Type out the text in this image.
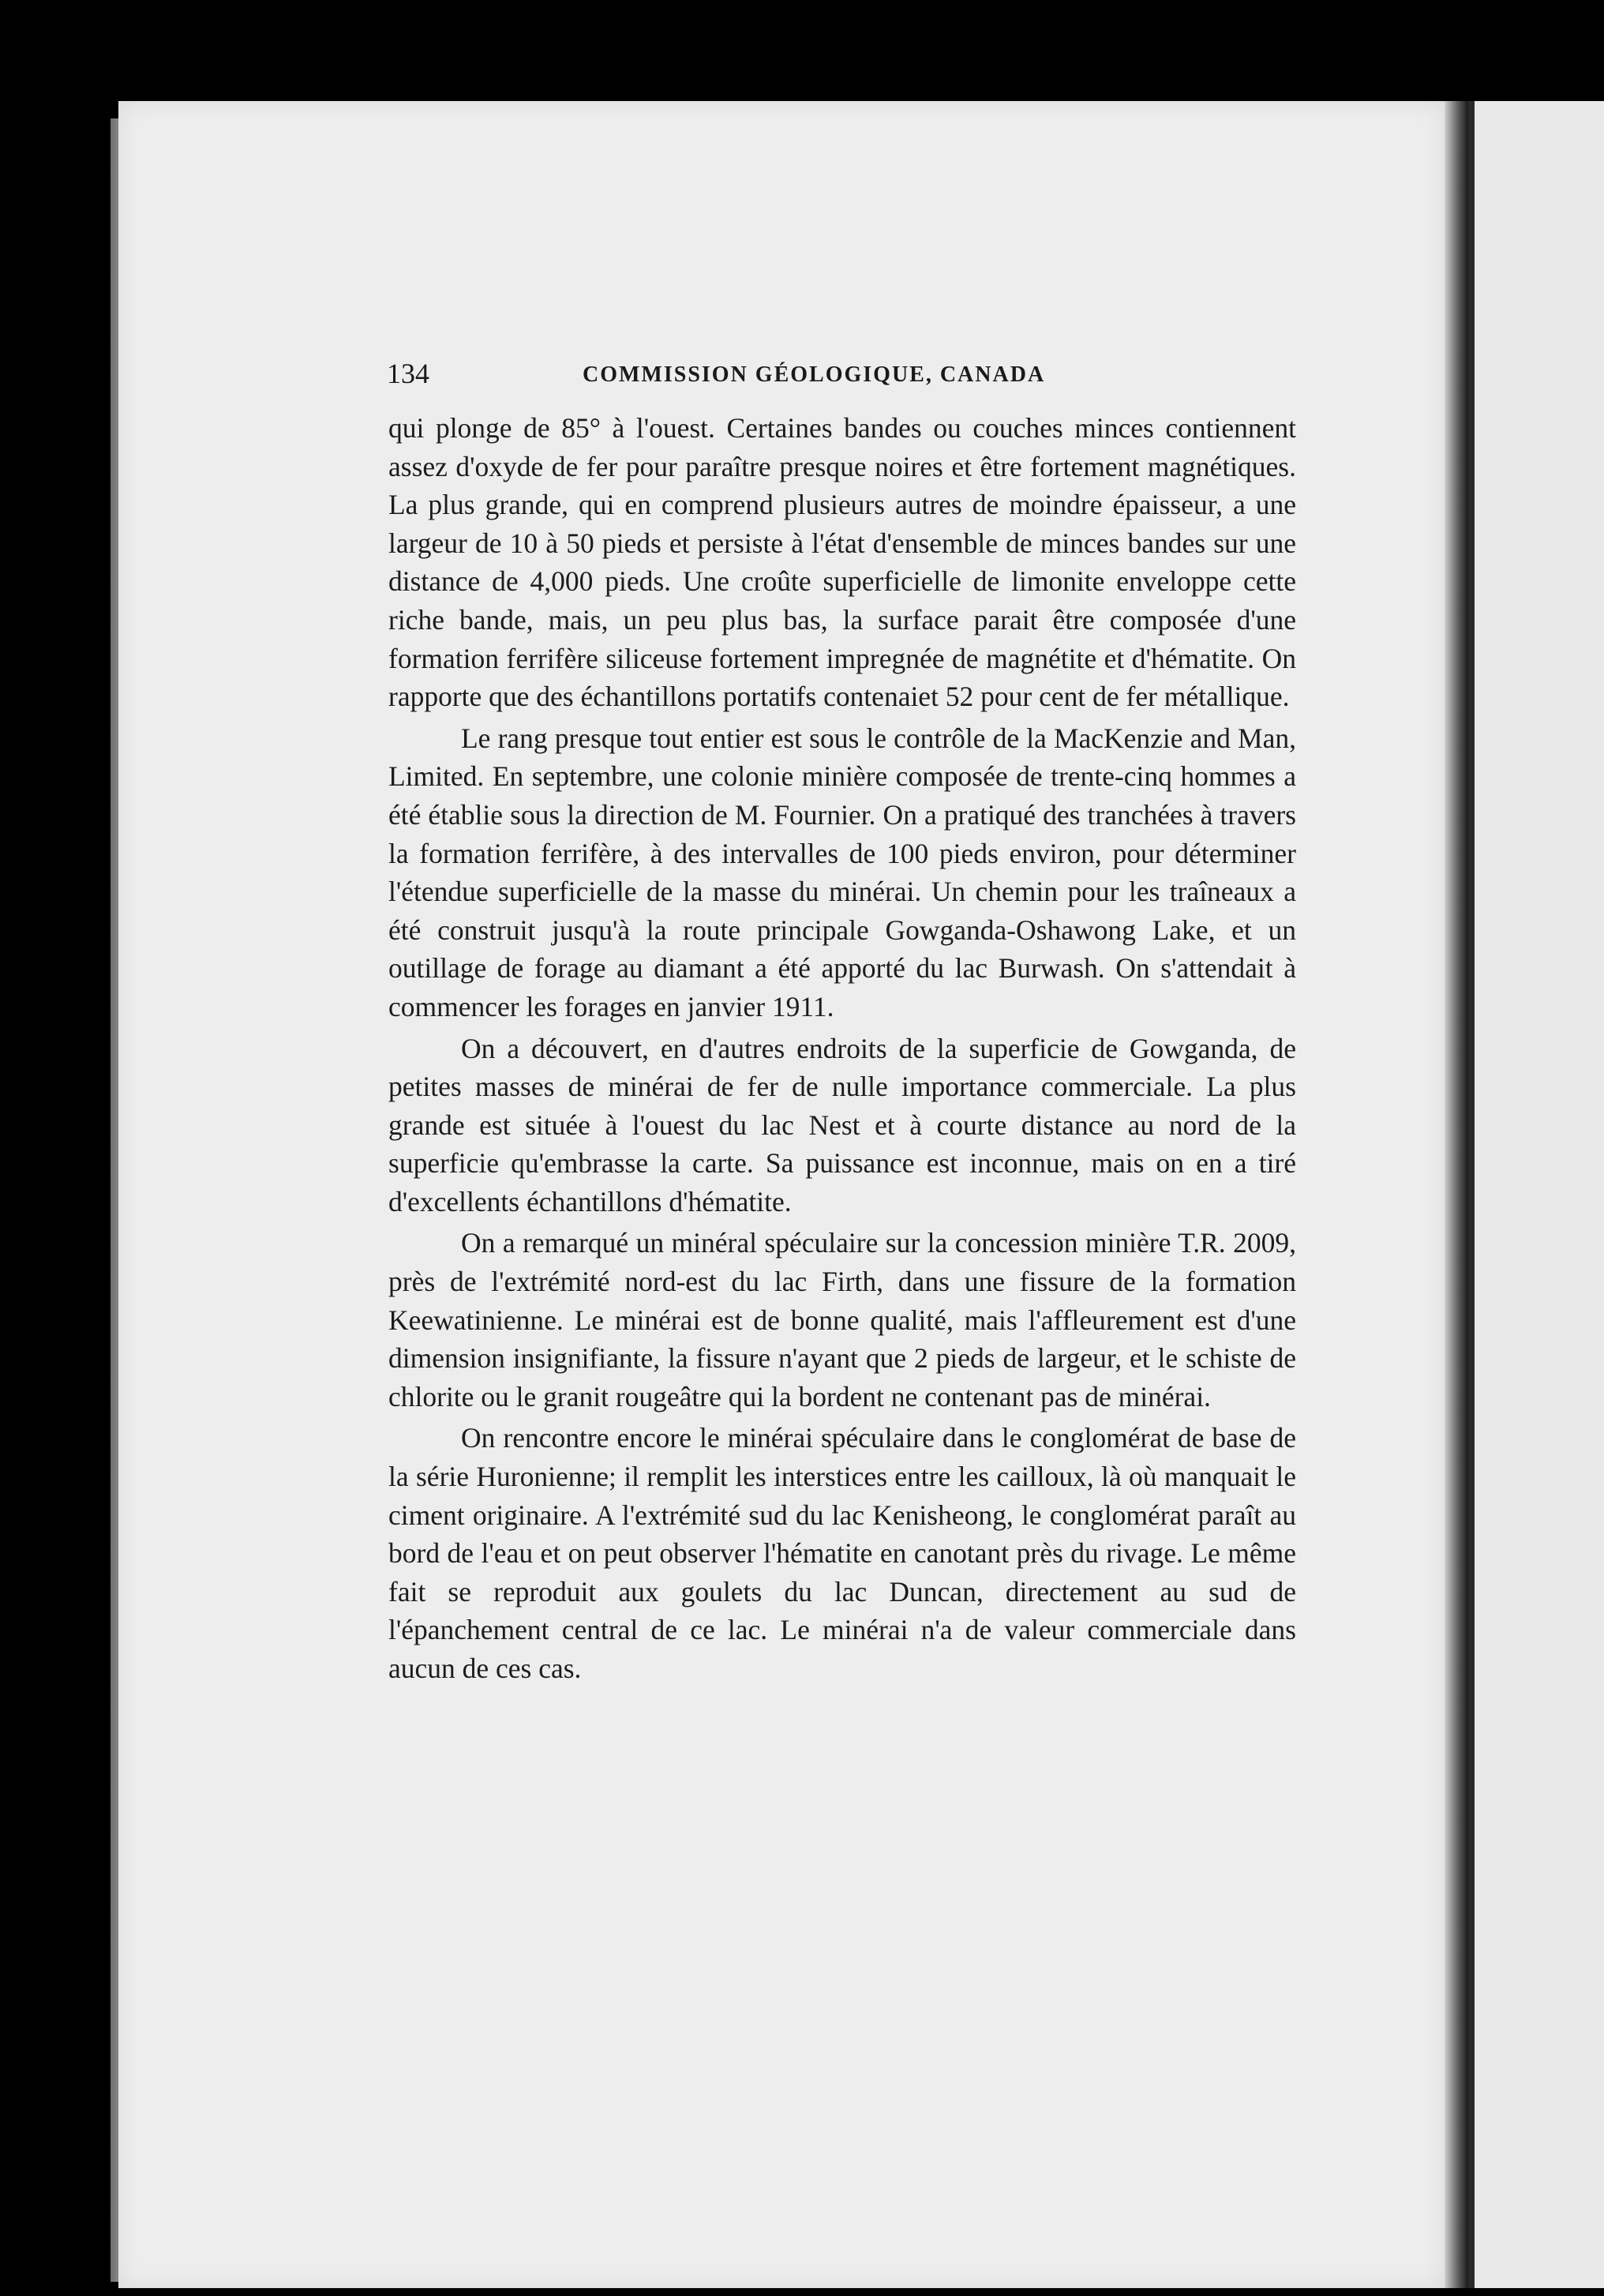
134	COMMISSION GÉOLOGIQUE, CANADA

qui plonge de 85° à l'ouest. Certaines bandes ou couches minces contiennent assez d'oxyde de fer pour paraître presque noires et être fortement magnétiques. La plus grande, qui en comprend plusieurs autres de moindre épaisseur, a une largeur de 10 à 50 pieds et persiste à l'état d'ensemble de minces bandes sur une distance de 4,000 pieds. Une croûte superficielle de limonite enveloppe cette riche bande, mais, un peu plus bas, la surface parait être composée d'une formation ferrifère siliceuse fortement impregnée de magnétite et d'hématite. On rapporte que des échantillons portatifs contenaiet 52 pour cent de fer métallique.

Le rang presque tout entier est sous le contrôle de la MacKenzie and Man, Limited. En septembre, une colonie minière composée de trente-cinq hommes a été établie sous la direction de M. Fournier. On a pratiqué des tranchées à travers la formation ferrifère, à des intervalles de 100 pieds environ, pour déterminer l'étendue superficielle de la masse du minérai. Un chemin pour les traîneaux a été construit jusqu'à la route principale Gowganda-Oshawong Lake, et un outillage de forage au diamant a été apporté du lac Burwash. On s'attendait à commencer les forages en janvier 1911.

On a découvert, en d'autres endroits de la superficie de Gowganda, de petites masses de minérai de fer de nulle importance commerciale. La plus grande est située à l'ouest du lac Nest et à courte distance au nord de la superficie qu'embrasse la carte. Sa puissance est inconnue, mais on en a tiré d'excellents échantillons d'hématite.

On a remarqué un minéral spéculaire sur la concession minière T.R. 2009, près de l'extrémité nord-est du lac Firth, dans une fissure de la formation Keewatinienne. Le minérai est de bonne qualité, mais l'affleurement est d'une dimension insignifiante, la fissure n'ayant que 2 pieds de largeur, et le schiste de chlorite ou le granit rougeâtre qui la bordent ne contenant pas de minérai.

On rencontre encore le minérai spéculaire dans le conglomérat de base de la série Huronienne; il remplit les interstices entre les cailloux, là où manquait le ciment originaire. A l'extrémité sud du lac Kenisheong, le conglomérat paraît au bord de l'eau et on peut observer l'hématite en canotant près du rivage. Le même fait se reproduit aux goulets du lac Duncan, directement au sud de l'épanchement central de ce lac. Le minérai n'a de valeur commerciale dans aucun de ces cas.
